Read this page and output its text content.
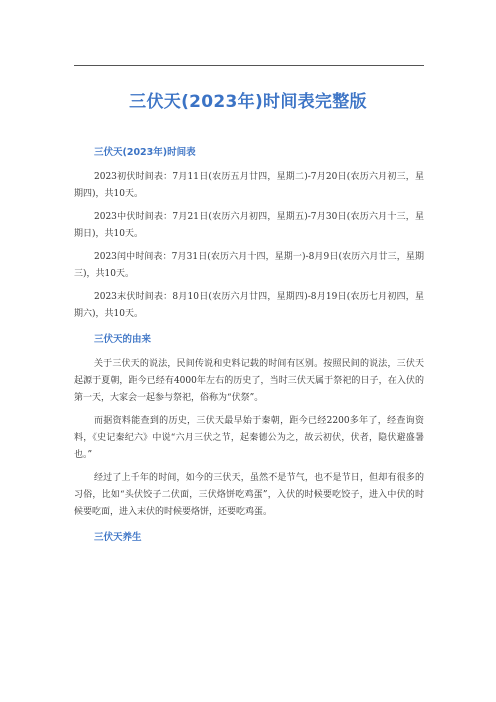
三伏天(2023年)时间表完整版
三伏天(2023年)时间表

2023初伏时间表：7月11日(农历五月廿四，星期二)-7月20日(农历六月初三，星期四)，共10天。

2023中伏时间表：7月21日(农历六月初四，星期五)-7月30日(农历六月十三，星期日)，共10天。

2023闰中时间表：7月31日(农历六月十四，星期一)-8月9日(农历六月廿三，星期三)，共10天。

2023末伏时间表：8月10日(农历六月廿四，星期四)-8月19日(农历七月初四，星期六)，共10天。

三伏天的由来

关于三伏天的说法，民间传说和史料记载的时间有区别。按照民间的说法，三伏天起源于夏朝，距今已经有4000年左右的历史了，当时三伏天属于祭祀的日子，在入伏的第一天，大家会一起参与祭祀，俗称为“伏祭”。

而据资料能查到的历史，三伏天最早始于秦朝，距今已经2200多年了，经查询资料，《史记秦纪六》中说“六月三伏之节，起秦德公为之，故云初伏，伏者，隐伏避盛暑也。”

经过了上千年的时间，如今的三伏天，虽然不是节气，也不是节日，但却有很多的习俗，比如“头伏饺子二伏面，三伏烙饼吃鸡蛋”，入伏的时候要吃饺子，进入中伏的时候要吃面，进入末伏的时候要烙饼，还要吃鸡蛋。

三伏天养生
